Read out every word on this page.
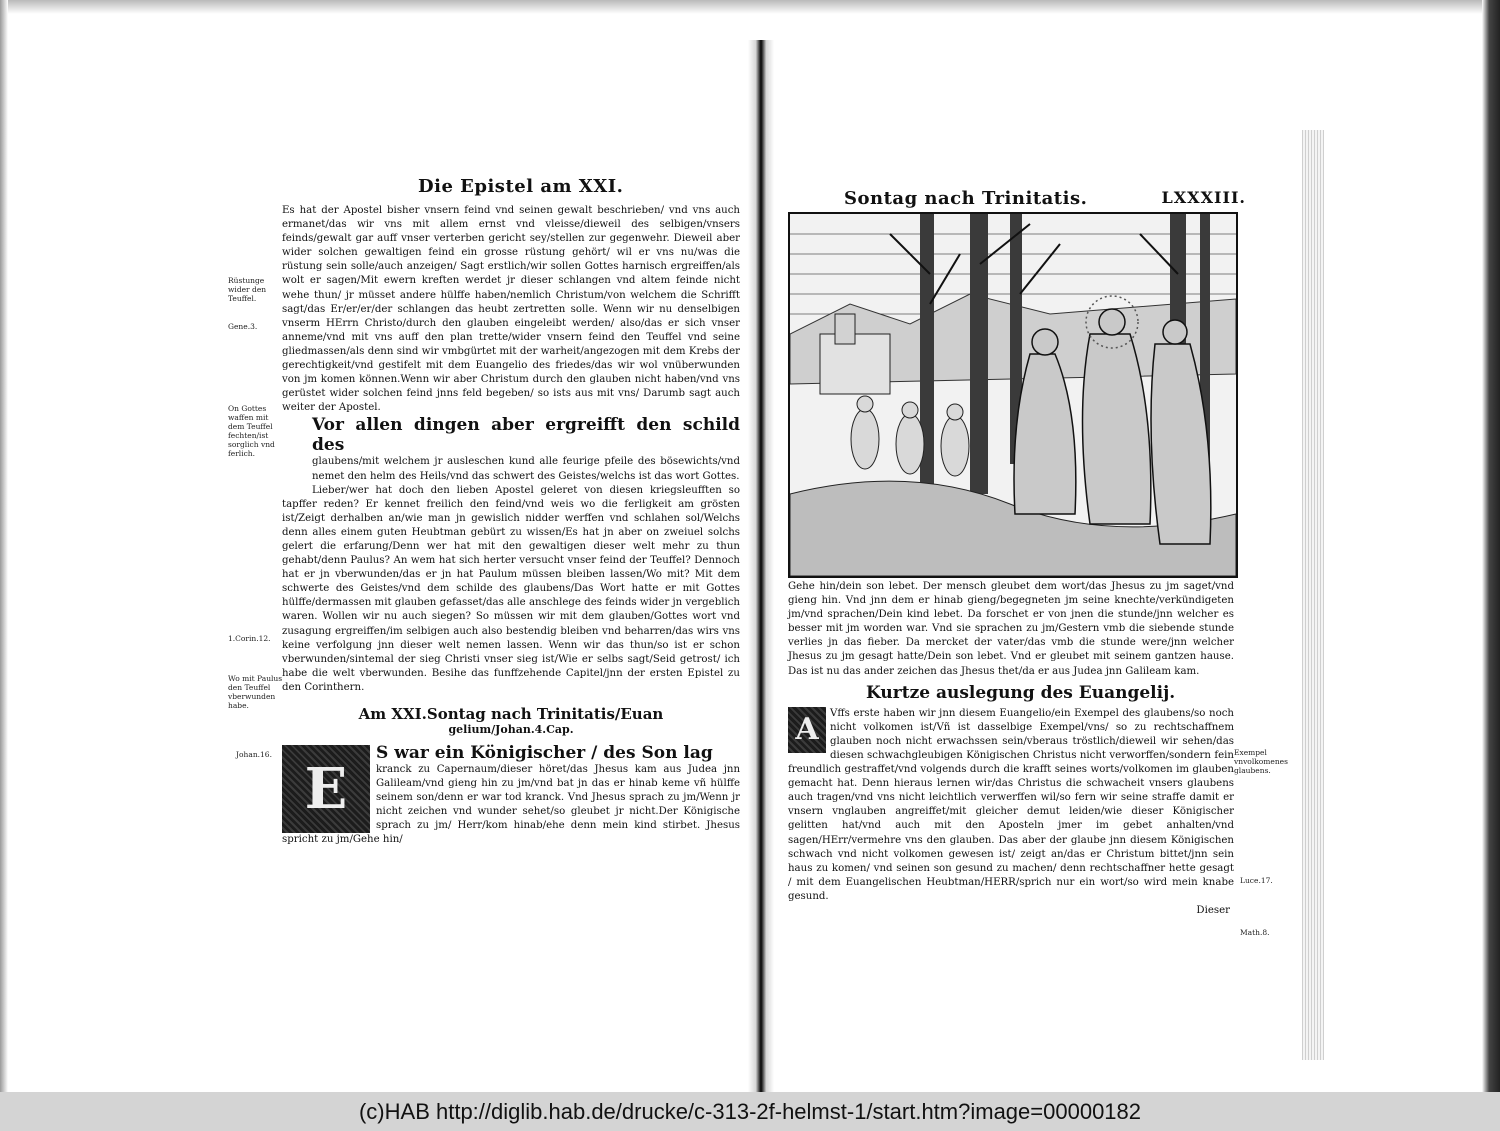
Die Epistel am XXI.

Es hat der Apostel bisher vnsern feind vnd seinen gewalt beschrieben/ vnd vns auch ermanet/das wir vns mit allem ernst vnd vleisse/dieweil des selbigen/vnsers feinds/gewalt gar auff vnser verterben gericht sey/stellen zur gegenwehr. Dieweil aber wider solchen gewaltigen feind ein grosse rüstung gehört/ wil er vns nu/was die rüstung sein solle/auch anzeigen/ Sagt erstlich/wir sollen Gottes harnisch ergreiffen/als wolt er sagen/Mit ewern kreften werdet jr dieser schlangen vnd altem feinde nicht wehe thun/ jr müsset andere hülffe haben/nemlich Christum/von welchem die Schrifft sagt/das Er/er/er/der schlangen das heubt zertretten solle. Wenn wir nu denselbigen vnserm HErrn Christo/durch den glauben eingeleibt werden/ also/das er sich vnser anneme/vnd mit vns auff den plan trette/wider vnsern feind den Teuffel vnd seine gliedmassen/als denn sind wir vmbgürtet mit der warheit/angezogen mit dem Krebs der gerechtigkeit/vnd gestifelt mit dem Euangelio des friedes/das wir wol vnüberwunden von jm komen können.Wenn wir aber Christum durch den glauben nicht haben/vnd vns gerüstet wider solchen feind jnns feld begeben/ so ists aus mit vns/ Darumb sagt auch weiter der Apostel.

Vor allen dingen aber ergreifft den schild des

glaubens/mit welchem jr ausleschen kund alle feurige pfeile des bösewichts/vnd nemet den helm des Heils/vnd das schwert des Geistes/welchs ist das wort Gottes.

Lieber/wer hat doch den lieben Apostel geleret von diesen kriegsleufften so tapffer reden? Er kennet freilich den feind/vnd weis wo die ferligkeit am grösten ist/Zeigt derhalben an/wie man jn gewislich nidder werffen vnd schlahen sol/Welchs denn alles einem guten Heubtman gebürt zu wissen/Es hat jn aber on zweiuel solchs gelert die erfarung/Denn wer hat mit den gewaltigen dieser welt mehr zu thun gehabt/denn Paulus? An wem hat sich herter versucht vnser feind der Teuffel? Dennoch hat er jn vberwunden/das er jn hat Paulum müssen bleiben lassen/Wo mit? Mit dem schwerte des Geistes/vnd dem schilde des glaubens/Das Wort hatte er mit Gottes hülffe/dermassen mit glauben gefasset/das alle anschlege des feinds wider jn vergeblich waren. Wollen wir nu auch siegen? So müssen wir mit dem glauben/Gottes wort vnd zusagung ergreiffen/im selbigen auch also bestendig bleiben vnd beharren/das wirs vns keine verfolgung jnn dieser welt nemen lassen. Wenn wir das thun/so ist er schon vberwunden/sintemal der sieg Christi vnser sieg ist/Wie er selbs sagt/Seid getrost/ ich habe die welt vberwunden. Besihe das funffzehende Capitel/jnn der ersten Epistel zu den Corinthern.

Am XXI.Sontag nach Trinitatis/Euan

gelium/Johan.4.Cap.

E

S war ein Königischer / des Son lag

kranck zu Capernaum/dieser höret/das Jhesus kam aus Judea jnn Galileam/vnd gieng hin zu jm/vnd bat jn das er hinab keme vñ hülffe seinem son/denn er war tod kranck. Vnd Jhesus sprach zu jm/Wenn jr nicht zeichen vnd wunder sehet/so gleubet jr nicht.Der Königische sprach zu jm/ Herr/kom hinab/ehe denn mein kind stirbet. Jhesus spricht zu jm/Gehe hin/

Rüstunge wider den Teuffel.
Gene.3.
On Gottes waffen mit dem Teuffel fechten/ist sorglich vnd ferlich.
1.Corin.12.
Wo mit Paulus den Teuffel vberwunden habe.
Johan.16.
Sontag nach Trinitatis.	LXXXIII.

Gehe hin/dein son lebet. Der mensch gleubet dem wort/das Jhesus zu jm saget/vnd gieng hin. Vnd jnn dem er hinab gieng/begegneten jm seine knechte/verkündigeten jm/vnd sprachen/Dein kind lebet. Da forschet er von jnen die stunde/jnn welcher es besser mit jm worden war. Vnd sie sprachen zu jm/Gestern vmb die siebende stunde verlies jn das fieber. Da mercket der vater/das vmb die stunde were/jnn welcher Jhesus zu jm gesagt hatte/Dein son lebet. Vnd er gleubet mit seinem gantzen hause. Das ist nu das ander zeichen das Jhesus thet/da er aus Judea jnn Galileam kam.

Kurtze auslegung des Euangelij.

A	Vffs erste haben wir jnn diesem Euangelio/ein Exempel des glaubens/so noch nicht volkomen ist/Vñ ist dasselbige Exempel/vns/ so zu rechtschaffnem glauben noch nicht erwachssen sein/vberaus tröstlich/dieweil wir sehen/das diesen schwachgleubigen Königischen Christus nicht verworffen/sondern fein freundlich gestraffet/vnd volgends durch die krafft seines worts/volkomen im glauben gemacht hat. Denn hieraus lernen wir/das Christus die schwacheit vnsers glaubens auch tragen/vnd vns nicht leichtlich verwerffen wil/so fern wir seine straffe damit er vnsern vnglauben angreiffet/mit gleicher demut leiden/wie dieser Königischer gelitten hat/vnd auch mit den Aposteln jmer im gebet anhalten/vnd sagen/HErr/vermehre vns den glauben. Das aber der glaube jnn diesem Königischen schwach vnd nicht volkomen gewesen ist/ zeigt an/das er Christum bittet/jnn sein haus zu komen/ vnd seinen son gesund zu machen/ denn rechtschaffner hette gesagt / mit dem Euangelischen Heubtman/HERR/sprich nur ein wort/so wird mein knabe gesund.

Dieser

Exempel vnvolkomenes glaubens.
Luce.17.
Math.8.
(c)HAB http://diglib.hab.de/drucke/c-313-2f-helmst-1/start.htm?image=00000182
